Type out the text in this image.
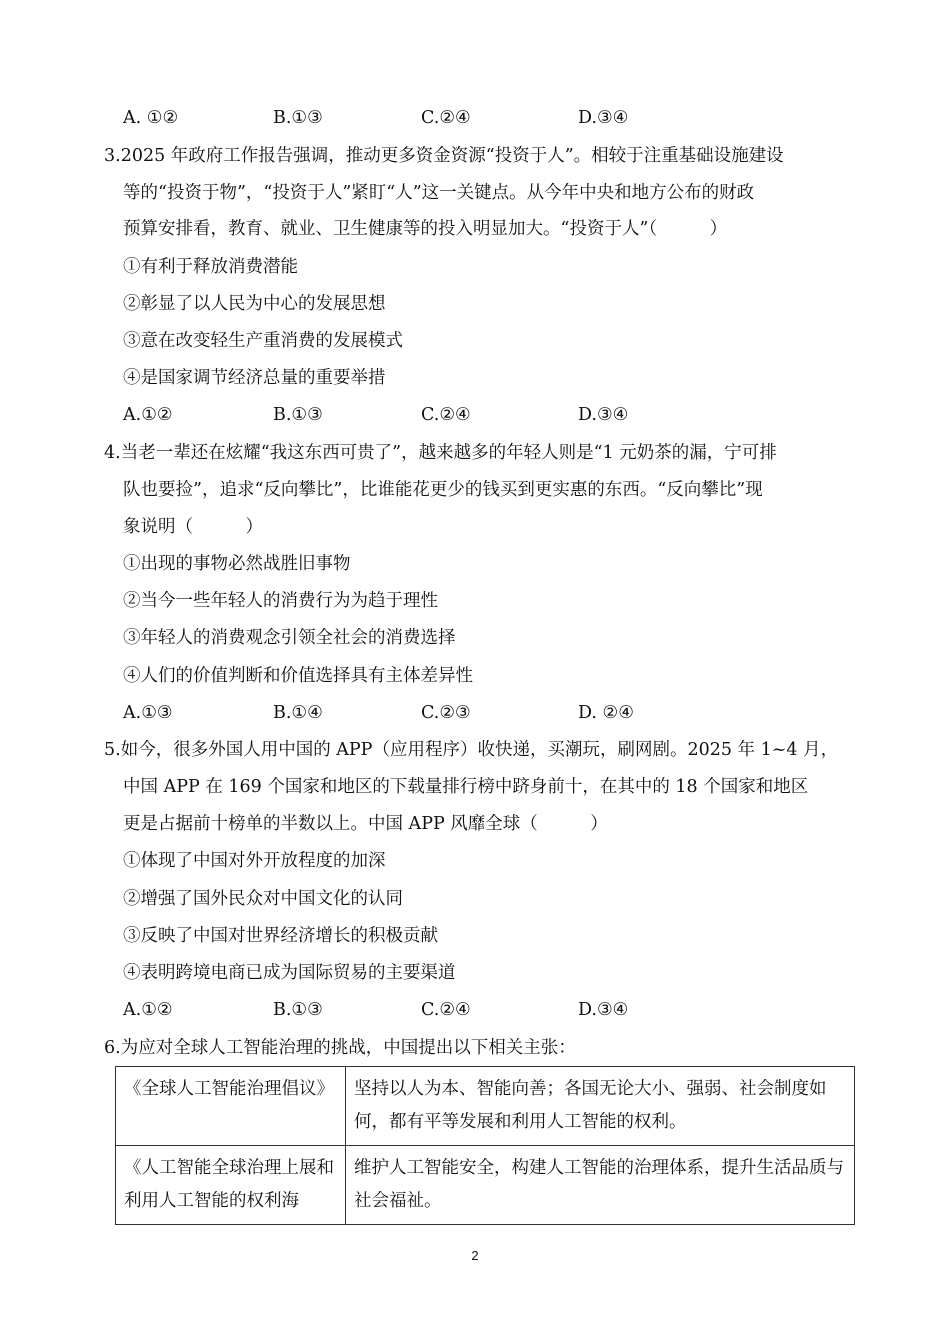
A. ①②	B.①③	C.②④	D.③④
3.2025 年政府工作报告强调，推动更多资金资源“投资于人”。相较于注重基础设施建设
等的“投资于物”，“投资于人”紧盯“人”这一关键点。从今年中央和地方公布的财政
预算安排看，教育、就业、卫生健康等的投入明显加大。“投资于人”（　　　）
①有利于释放消费潜能
②彰显了以人民为中心的发展思想
③意在改变轻生产重消费的发展模式
④是国家调节经济总量的重要举措
A.①②	B.①③	C.②④	D.③④
4.当老一辈还在炫耀“我这东西可贵了”，越来越多的年轻人则是“1 元奶茶的漏，宁可排
队也要捡”，追求“反向攀比”，比谁能花更少的钱买到更实惠的东西。“反向攀比”现
象说明（　　　）
①出现的事物必然战胜旧事物
②当今一些年轻人的消费行为为趋于理性
③年轻人的消费观念引领全社会的消费选择
④人们的价值判断和价值选择具有主体差异性
A.①③	B.①④	C.②③	D. ②④
5.如今，很多外国人用中国的 APP（应用程序）收快递，买潮玩，刷网剧。2025 年 1~4 月，
中国 APP 在 169 个国家和地区的下载量排行榜中跻身前十，在其中的 18 个国家和地区
更是占据前十榜单的半数以上。中国 APP 风靡全球（　　　）
①体现了中国对外开放程度的加深
②增强了国外民众对中国文化的认同
③反映了中国对世界经济增长的积极贡献
④表明跨境电商已成为国际贸易的主要渠道
A.①②	B.①③	C.②④	D.③④
6.为应对全球人工智能治理的挑战，中国提出以下相关主张：
《全球人工智能治理倡议》	坚持以人为本、智能向善；各国无论大小、强弱、社会制度如何，都有平等发展和利用人工智能的权利。
《人工智能全球治理上展和利用人工智能的权利海	维护人工智能安全，构建人工智能的治理体系，提升生活品质与社会福祉。
2
